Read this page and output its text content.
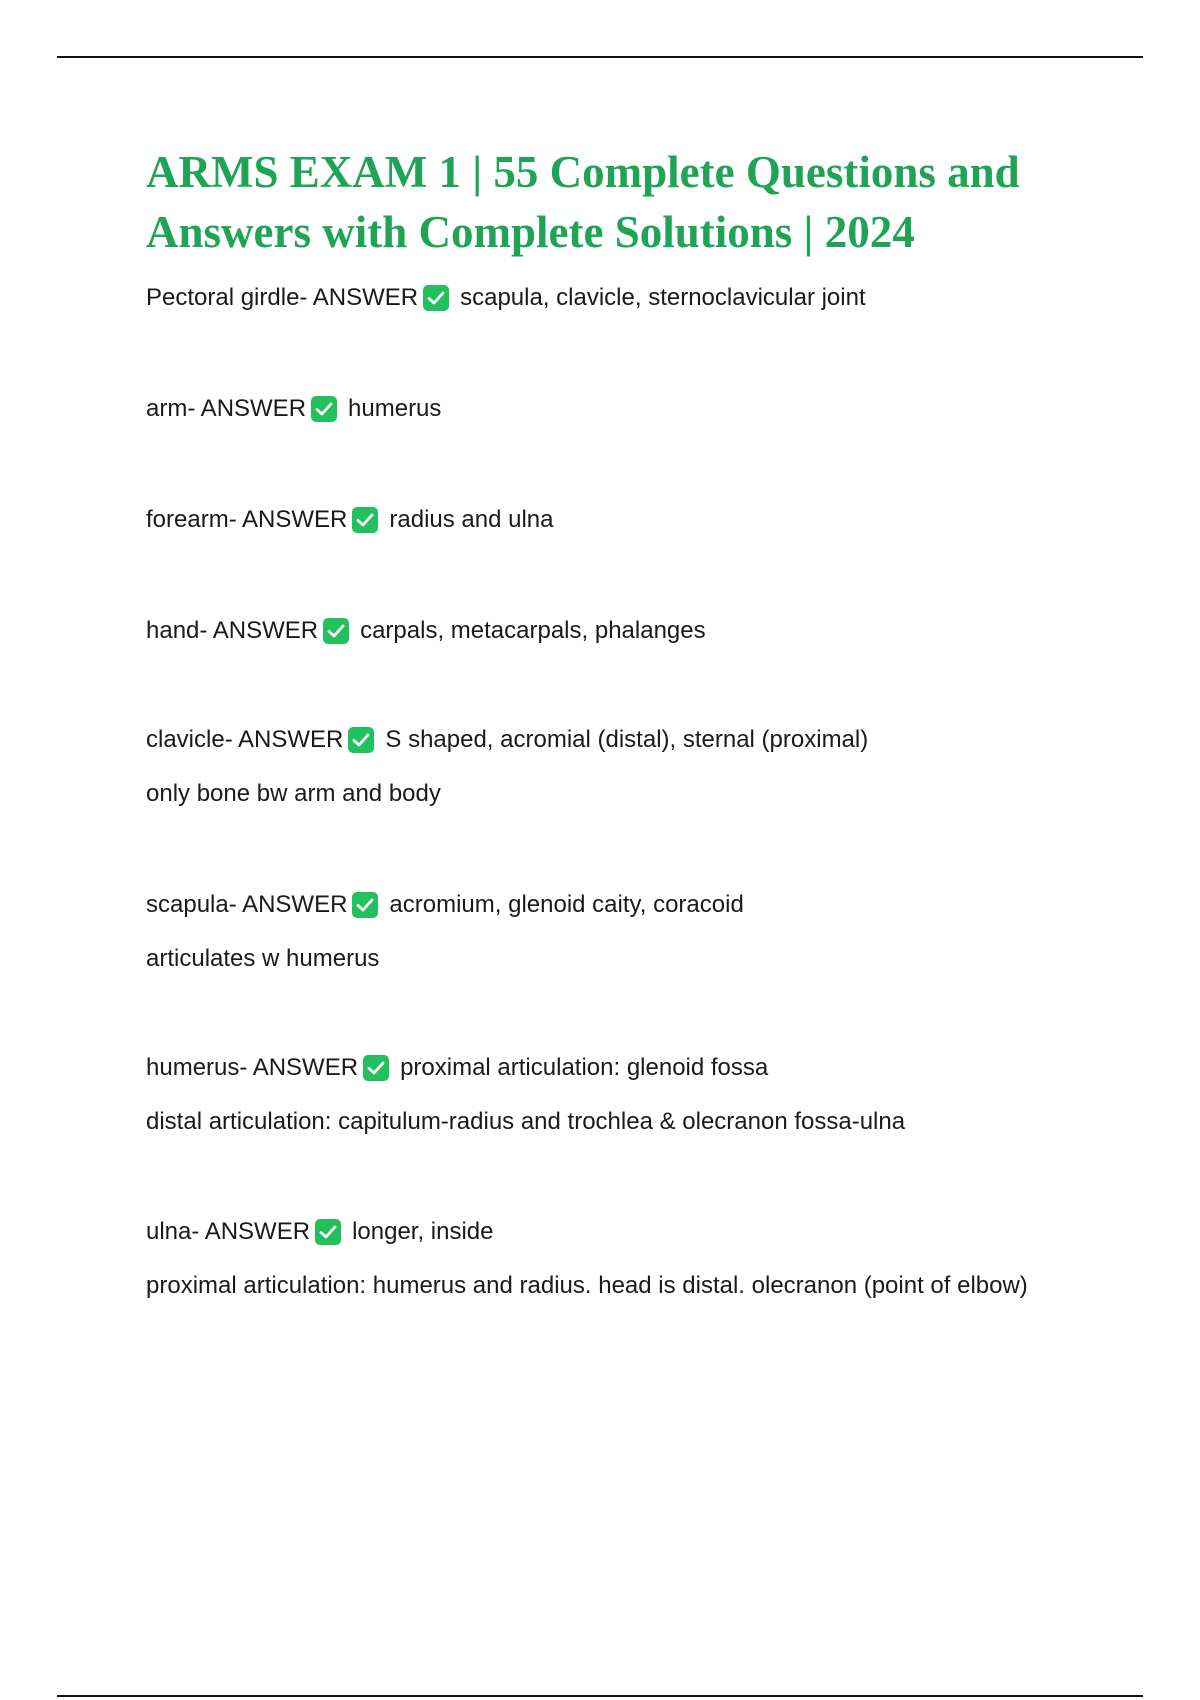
ARMS EXAM 1 | 55 Complete Questions and Answers with Complete Solutions | 2024
Pectoral girdle - ANSWER scapula, clavicle, sternoclavicular joint
arm - ANSWER humerus
forearm - ANSWER radius and ulna
hand - ANSWER carpals, metacarpals, phalanges
clavicle - ANSWER S shaped, acromial (distal), sternal (proximal)
only bone bw arm and body
scapula - ANSWER acromium, glenoid caity, coracoid
articulates w humerus
humerus - ANSWER proximal articulation: glenoid fossa
distal articulation: capitulum-radius and trochlea & olecranon fossa-ulna
ulna - ANSWER longer, inside
proximal articulation: humerus and radius. head is distal. olecranon (point of elbow)
